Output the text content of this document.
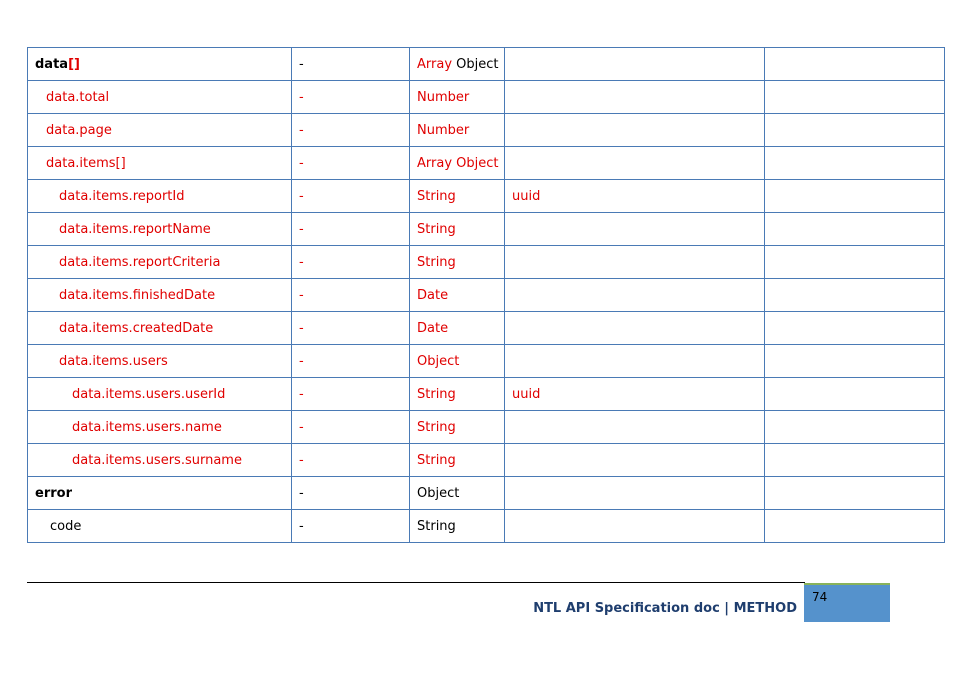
data[]	-	Array Object		
data.total	-	Number		
data.page	-	Number		
data.items[]	-	Array Object		
data.items.reportId	-	String	uuid	
data.items.reportName	-	String		
data.items.reportCriteria	-	String		
data.items.finishedDate	-	Date		
data.items.createdDate	-	Date		
data.items.users	-	Object		
data.items.users.userId	-	String	uuid	
data.items.users.name	-	String		
data.items.users.surname	-	String		
error	-	Object		
code	-	String		
NTL API Specification doc | METHOD
74
